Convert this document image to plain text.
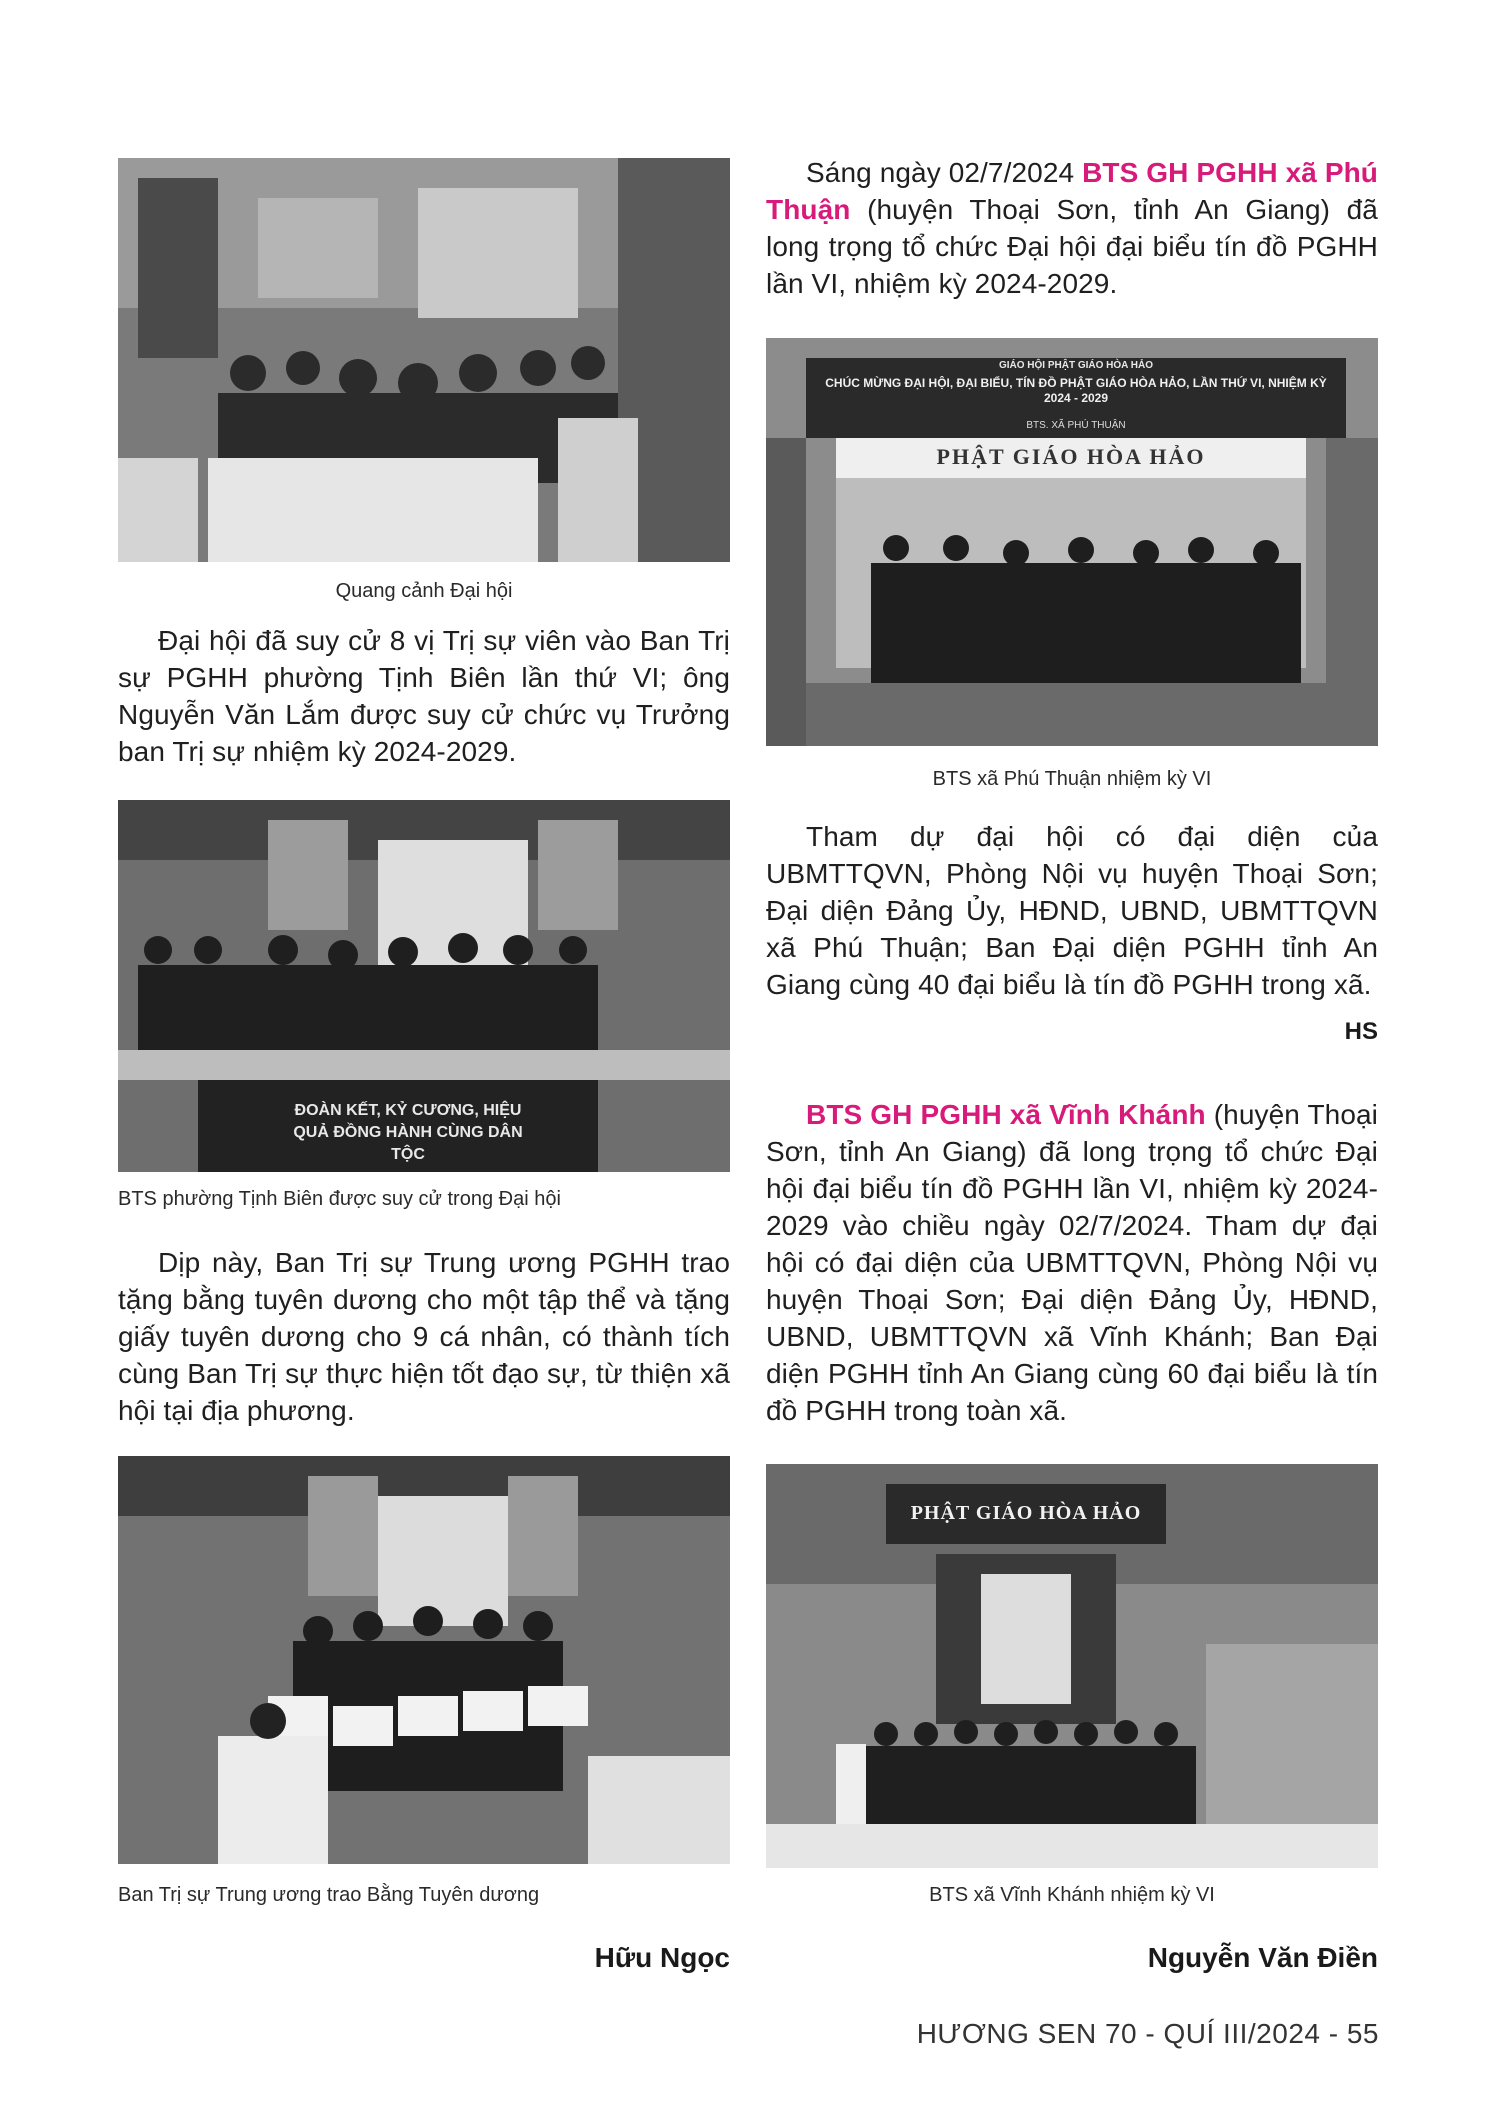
Quang cảnh Đại hội
Đại hội đã suy cử 8 vị Trị sự viên vào Ban Trị sự PGHH phường Tịnh Biên lần thứ VI; ông Nguyễn Văn Lắm được suy cử chức vụ Trưởng ban Trị sự nhiệm kỳ 2024-2029.
ĐOÀN KẾT, KỶ CƯƠNG, HIỆU QUẢ ĐỒNG HÀNH CÙNG DÂN TỘC
BTS phường Tịnh Biên được suy cử trong Đại hội
Dịp này, Ban Trị sự Trung ương PGHH trao tặng bằng tuyên dương cho một tập thể và tặng giấy tuyên dương cho 9 cá nhân, có thành tích cùng Ban Trị sự thực hiện tốt đạo sự, từ thiện xã hội tại địa phương.
Ban Trị sự Trung ương trao Bằng Tuyên dương
Hữu Ngọc
Sáng ngày 02/7/2024 BTS GH PGHH xã Phú Thuận (huyện Thoại Sơn, tỉnh An Giang) đã long trọng tổ chức Đại hội đại biểu tín đồ PGHH lần VI, nhiệm kỳ 2024-2029.
GIÁO HỘI PHẬT GIÁO HÒA HẢO
CHÚC MỪNG ĐẠI HỘI, ĐẠI BIỂU, TÍN ĐỒ PHẬT GIÁO HÒA HẢO, LẦN THỨ VI, NHIỆM KỲ 2024 - 2029
BTS. XÃ PHÚ THUẬN
PHẬT GIÁO HÒA HẢO
BTS xã Phú Thuận nhiệm kỳ VI
Tham dự đại hội có đại diện của UBMTTQVN, Phòng Nội vụ huyện Thoại Sơn; Đại diện Đảng Ủy, HĐND, UBND, UBMTTQVN xã Phú Thuận; Ban Đại diện PGHH tỉnh An Giang cùng 40 đại biểu là tín đồ PGHH trong xã.
HS
BTS GH PGHH xã Vĩnh Khánh (huyện Thoại Sơn, tỉnh An Giang) đã long trọng tổ chức Đại hội đại biểu tín đồ PGHH lần VI, nhiệm kỳ 2024-2029 vào chiều ngày 02/7/2024. Tham dự đại hội có đại diện của UBMTTQVN, Phòng Nội vụ huyện Thoại Sơn; Đại diện Đảng Ủy, HĐND, UBND, UBMTTQVN xã Vĩnh Khánh; Ban Đại diện PGHH tỉnh An Giang cùng 60 đại biểu là tín đồ PGHH trong toàn xã.
PHẬT GIÁO HÒA HẢO
BTS xã Vĩnh Khánh nhiệm kỳ VI
Nguyễn Văn Điền
HƯƠNG SEN 70 - QUÍ III/2024 - 55
